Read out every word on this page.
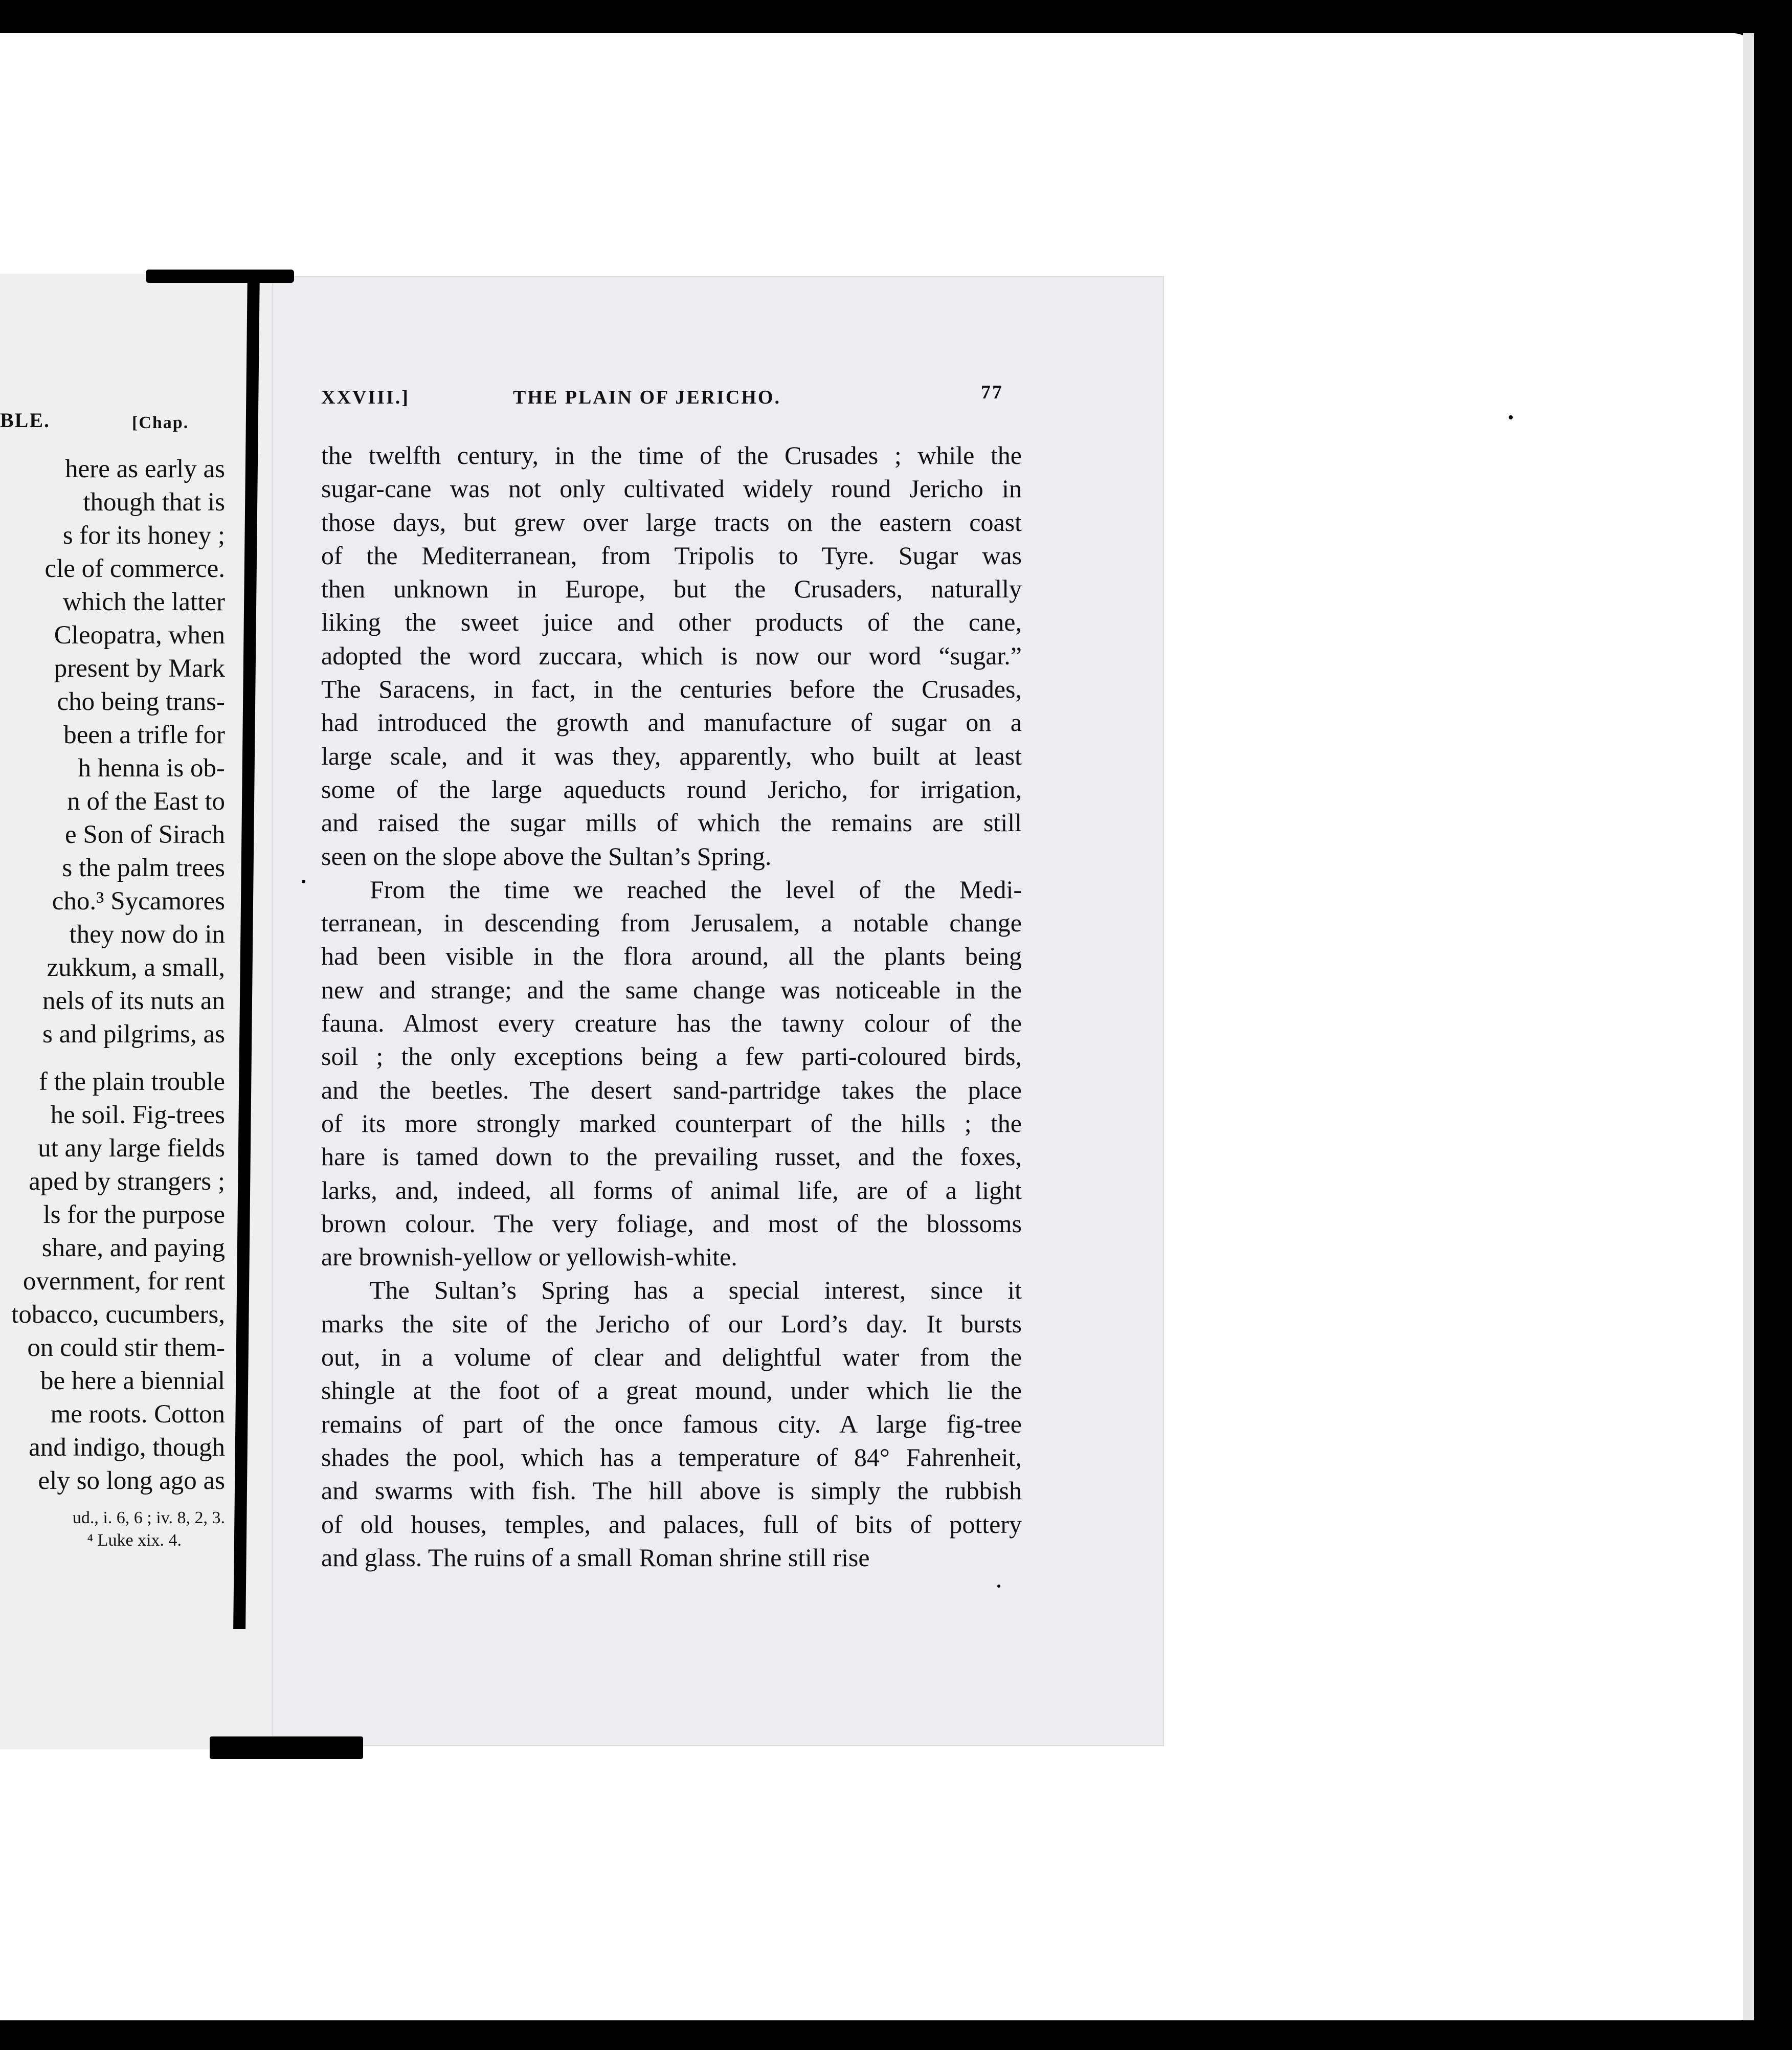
BLE.	[Chap.
here as early as
though that is
s for its honey ;
cle of commerce.
which the latter
Cleopatra, when
present by Mark
cho being trans-
been a trifle for
h henna is ob-
n of the East to
e Son of Sirach
s the palm trees
cho.³ Sycamores
they now do in
zukkum, a small,
nels of its nuts an
s and pilgrims, as
f the plain trouble
he soil. Fig-trees
ut any large fields
aped by strangers ;
ls for the purpose
share, and paying
overnment, for rent
tobacco, cucumbers,
on could stir them-
be here a biennial
me roots. Cotton
and indigo, though
ely so long ago as
ud., i. 6, 6 ; iv. 8, 2, 3.
⁴ Luke xix. 4.
XXVIII.]	THE PLAIN OF JERICHO.	77
the twelfth century, in the time of the Crusades ; while the
sugar-cane was not only cultivated widely round Jericho in
those days, but grew over large tracts on the eastern coast
of the Mediterranean, from Tripolis to Tyre. Sugar was
then unknown in Europe, but the Crusaders, naturally
liking the sweet juice and other products of the cane,
adopted the word zuccara, which is now our word “sugar.”
The Saracens, in fact, in the centuries before the Crusades,
had introduced the growth and manufacture of sugar on a
large scale, and it was they, apparently, who built at least
some of the large aqueducts round Jericho, for irrigation,
and raised the sugar mills of which the remains are still
seen on the slope above the Sultan’s Spring.
From the time we reached the level of the Medi-
terranean, in descending from Jerusalem, a notable change
had been visible in the flora around, all the plants being
new and strange; and the same change was noticeable in the
fauna. Almost every creature has the tawny colour of the
soil ; the only exceptions being a few parti-coloured birds,
and the beetles. The desert sand-partridge takes the place
of its more strongly marked counterpart of the hills ; the
hare is tamed down to the prevailing russet, and the foxes,
larks, and, indeed, all forms of animal life, are of a light
brown colour. The very foliage, and most of the blossoms
are brownish-yellow or yellowish-white.
The Sultan’s Spring has a special interest, since it
marks the site of the Jericho of our Lord’s day. It bursts
out, in a volume of clear and delightful water from the
shingle at the foot of a great mound, under which lie the
remains of part of the once famous city. A large fig-tree
shades the pool, which has a temperature of 84° Fahrenheit,
and swarms with fish. The hill above is simply the rubbish
of old houses, temples, and palaces, full of bits of pottery
and glass. The ruins of a small Roman shrine still rise
